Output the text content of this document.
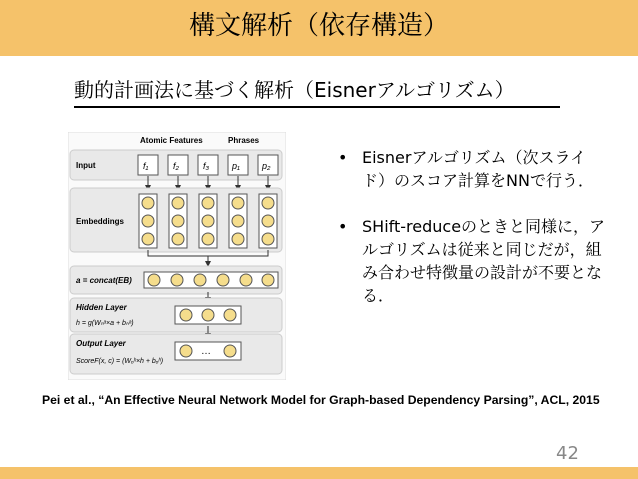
構文解析（依存構造）
動的計画法に基づく解析（Eisnerアルゴリズム）
Atomic Features	Phrases
Input	f₁	f₂	f₃	p₁ p₂
Embeddings
a = concat(EB)
Hidden Layer
h = g(Wₕᵃ×a + bₕᵃ)
Output Layer
ScoreF(x, c) = (Wₒʰ×h + bₒʰ)
…
• Eisnerアルゴリズム（次スライド）のスコア計算をNNで行う．
• SHift-reduceのときと同様に，アルゴリズムは従来と同じだが，組み合わせ特徴量の設計が不要となる．
Pei et al., “An Effective Neural Network Model for Graph-based Dependency Parsing”, ACL, 2015
42
